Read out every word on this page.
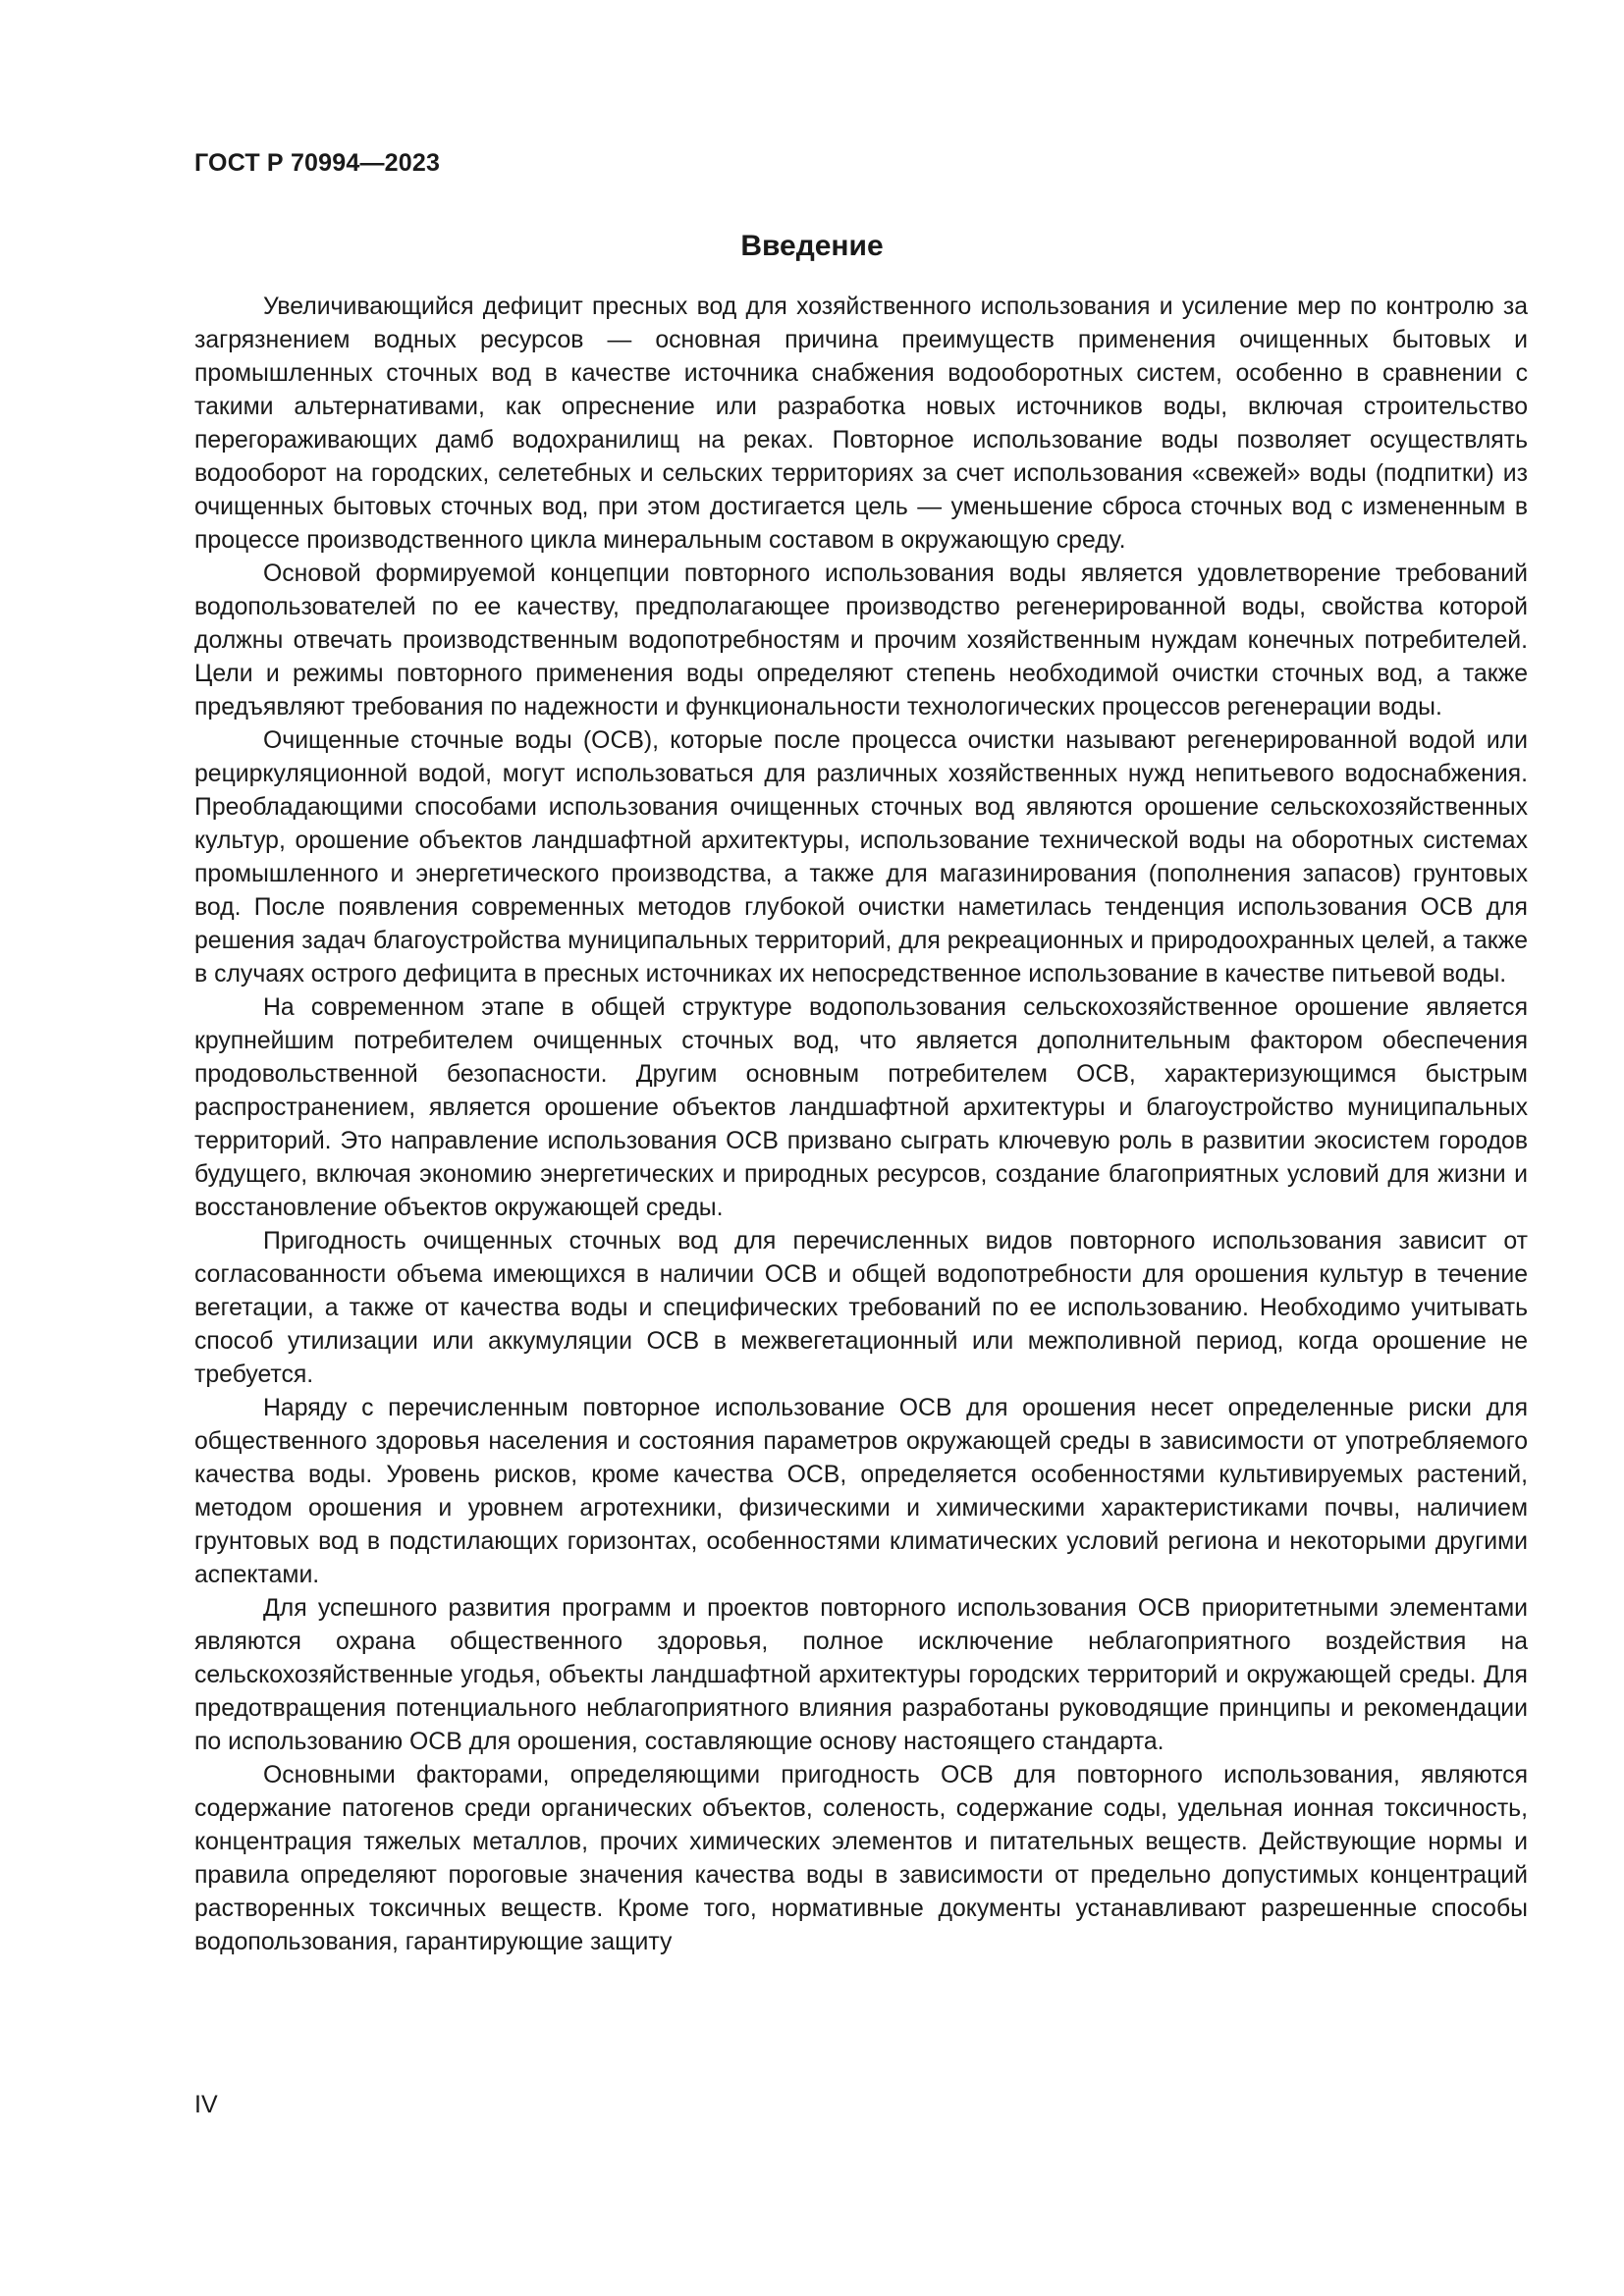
ГОСТ Р 70994—2023
Введение

Увеличивающийся дефицит пресных вод для хозяйственного использования и усиление мер по контролю за загрязнением водных ресурсов — основная причина преимуществ применения очищенных бытовых и промышленных сточных вод в качестве источника снабжения водооборотных систем, особенно в сравнении с такими альтернативами, как опреснение или разработка новых источников воды, включая строительство перегораживающих дамб водохранилищ на реках. Повторное использование воды позволяет осуществлять водооборот на городских, селетебных и сельских территориях за счет использования «свежей» воды (подпитки) из очищенных бытовых сточных вод, при этом достигается цель — уменьшение сброса сточных вод с измененным в процессе производственного цикла минеральным составом в окружающую среду.

Основой формируемой концепции повторного использования воды является удовлетворение требований водопользователей по ее качеству, предполагающее производство регенерированной воды, свойства которой должны отвечать производственным водопотребностям и прочим хозяйственным нуждам конечных потребителей. Цели и режимы повторного применения воды определяют степень необходимой очистки сточных вод, а также предъявляют требования по надежности и функциональности технологических процессов регенерации воды.

Очищенные сточные воды (ОСВ), которые после процесса очистки называют регенерированной водой или рециркуляционной водой, могут использоваться для различных хозяйственных нужд непитьевого водоснабжения. Преобладающими способами использования очищенных сточных вод являются орошение сельскохозяйственных культур, орошение объектов ландшафтной архитектуры, использование технической воды на оборотных системах промышленного и энергетического производства, а также для магазинирования (пополнения запасов) грунтовых вод. После появления современных методов глубокой очистки наметилась тенденция использования ОСВ для решения задач благоустройства муниципальных территорий, для рекреационных и природоохранных целей, а также в случаях острого дефицита в пресных источниках их непосредственное использование в качестве питьевой воды.

На современном этапе в общей структуре водопользования сельскохозяйственное орошение является крупнейшим потребителем очищенных сточных вод, что является дополнительным фактором обеспечения продовольственной безопасности. Другим основным потребителем ОСВ, характеризующимся быстрым распространением, является орошение объектов ландшафтной архитектуры и благоустройство муниципальных территорий. Это направление использования ОСВ призвано сыграть ключевую роль в развитии экосистем городов будущего, включая экономию энергетических и природных ресурсов, создание благоприятных условий для жизни и восстановление объектов окружающей среды.

Пригодность очищенных сточных вод для перечисленных видов повторного использования зависит от согласованности объема имеющихся в наличии ОСВ и общей водопотребности для орошения культур в течение вегетации, а также от качества воды и специфических требований по ее использованию. Необходимо учитывать способ утилизации или аккумуляции ОСВ в межвегетационный или межполивной период, когда орошение не требуется.

Наряду с перечисленным повторное использование ОСВ для орошения несет определенные риски для общественного здоровья населения и состояния параметров окружающей среды в зависимости от употребляемого качества воды. Уровень рисков, кроме качества ОСВ, определяется особенностями культивируемых растений, методом орошения и уровнем агротехники, физическими и химическими характеристиками почвы, наличием грунтовых вод в подстилающих горизонтах, особенностями климатических условий региона и некоторыми другими аспектами.

Для успешного развития программ и проектов повторного использования ОСВ приоритетными элементами являются охрана общественного здоровья, полное исключение неблагоприятного воздействия на сельскохозяйственные угодья, объекты ландшафтной архитектуры городских территорий и окружающей среды. Для предотвращения потенциального неблагоприятного влияния разработаны руководящие принципы и рекомендации по использованию ОСВ для орошения, составляющие основу настоящего стандарта.

Основными факторами, определяющими пригодность ОСВ для повторного использования, являются содержание патогенов среди органических объектов, соленость, содержание соды, удельная ионная токсичность, концентрация тяжелых металлов, прочих химических элементов и питательных веществ. Действующие нормы и правила определяют пороговые значения качества воды в зависимости от предельно допустимых концентраций растворенных токсичных веществ. Кроме того, нормативные документы устанавливают разрешенные способы водопользования, гарантирующие защиту

IV
